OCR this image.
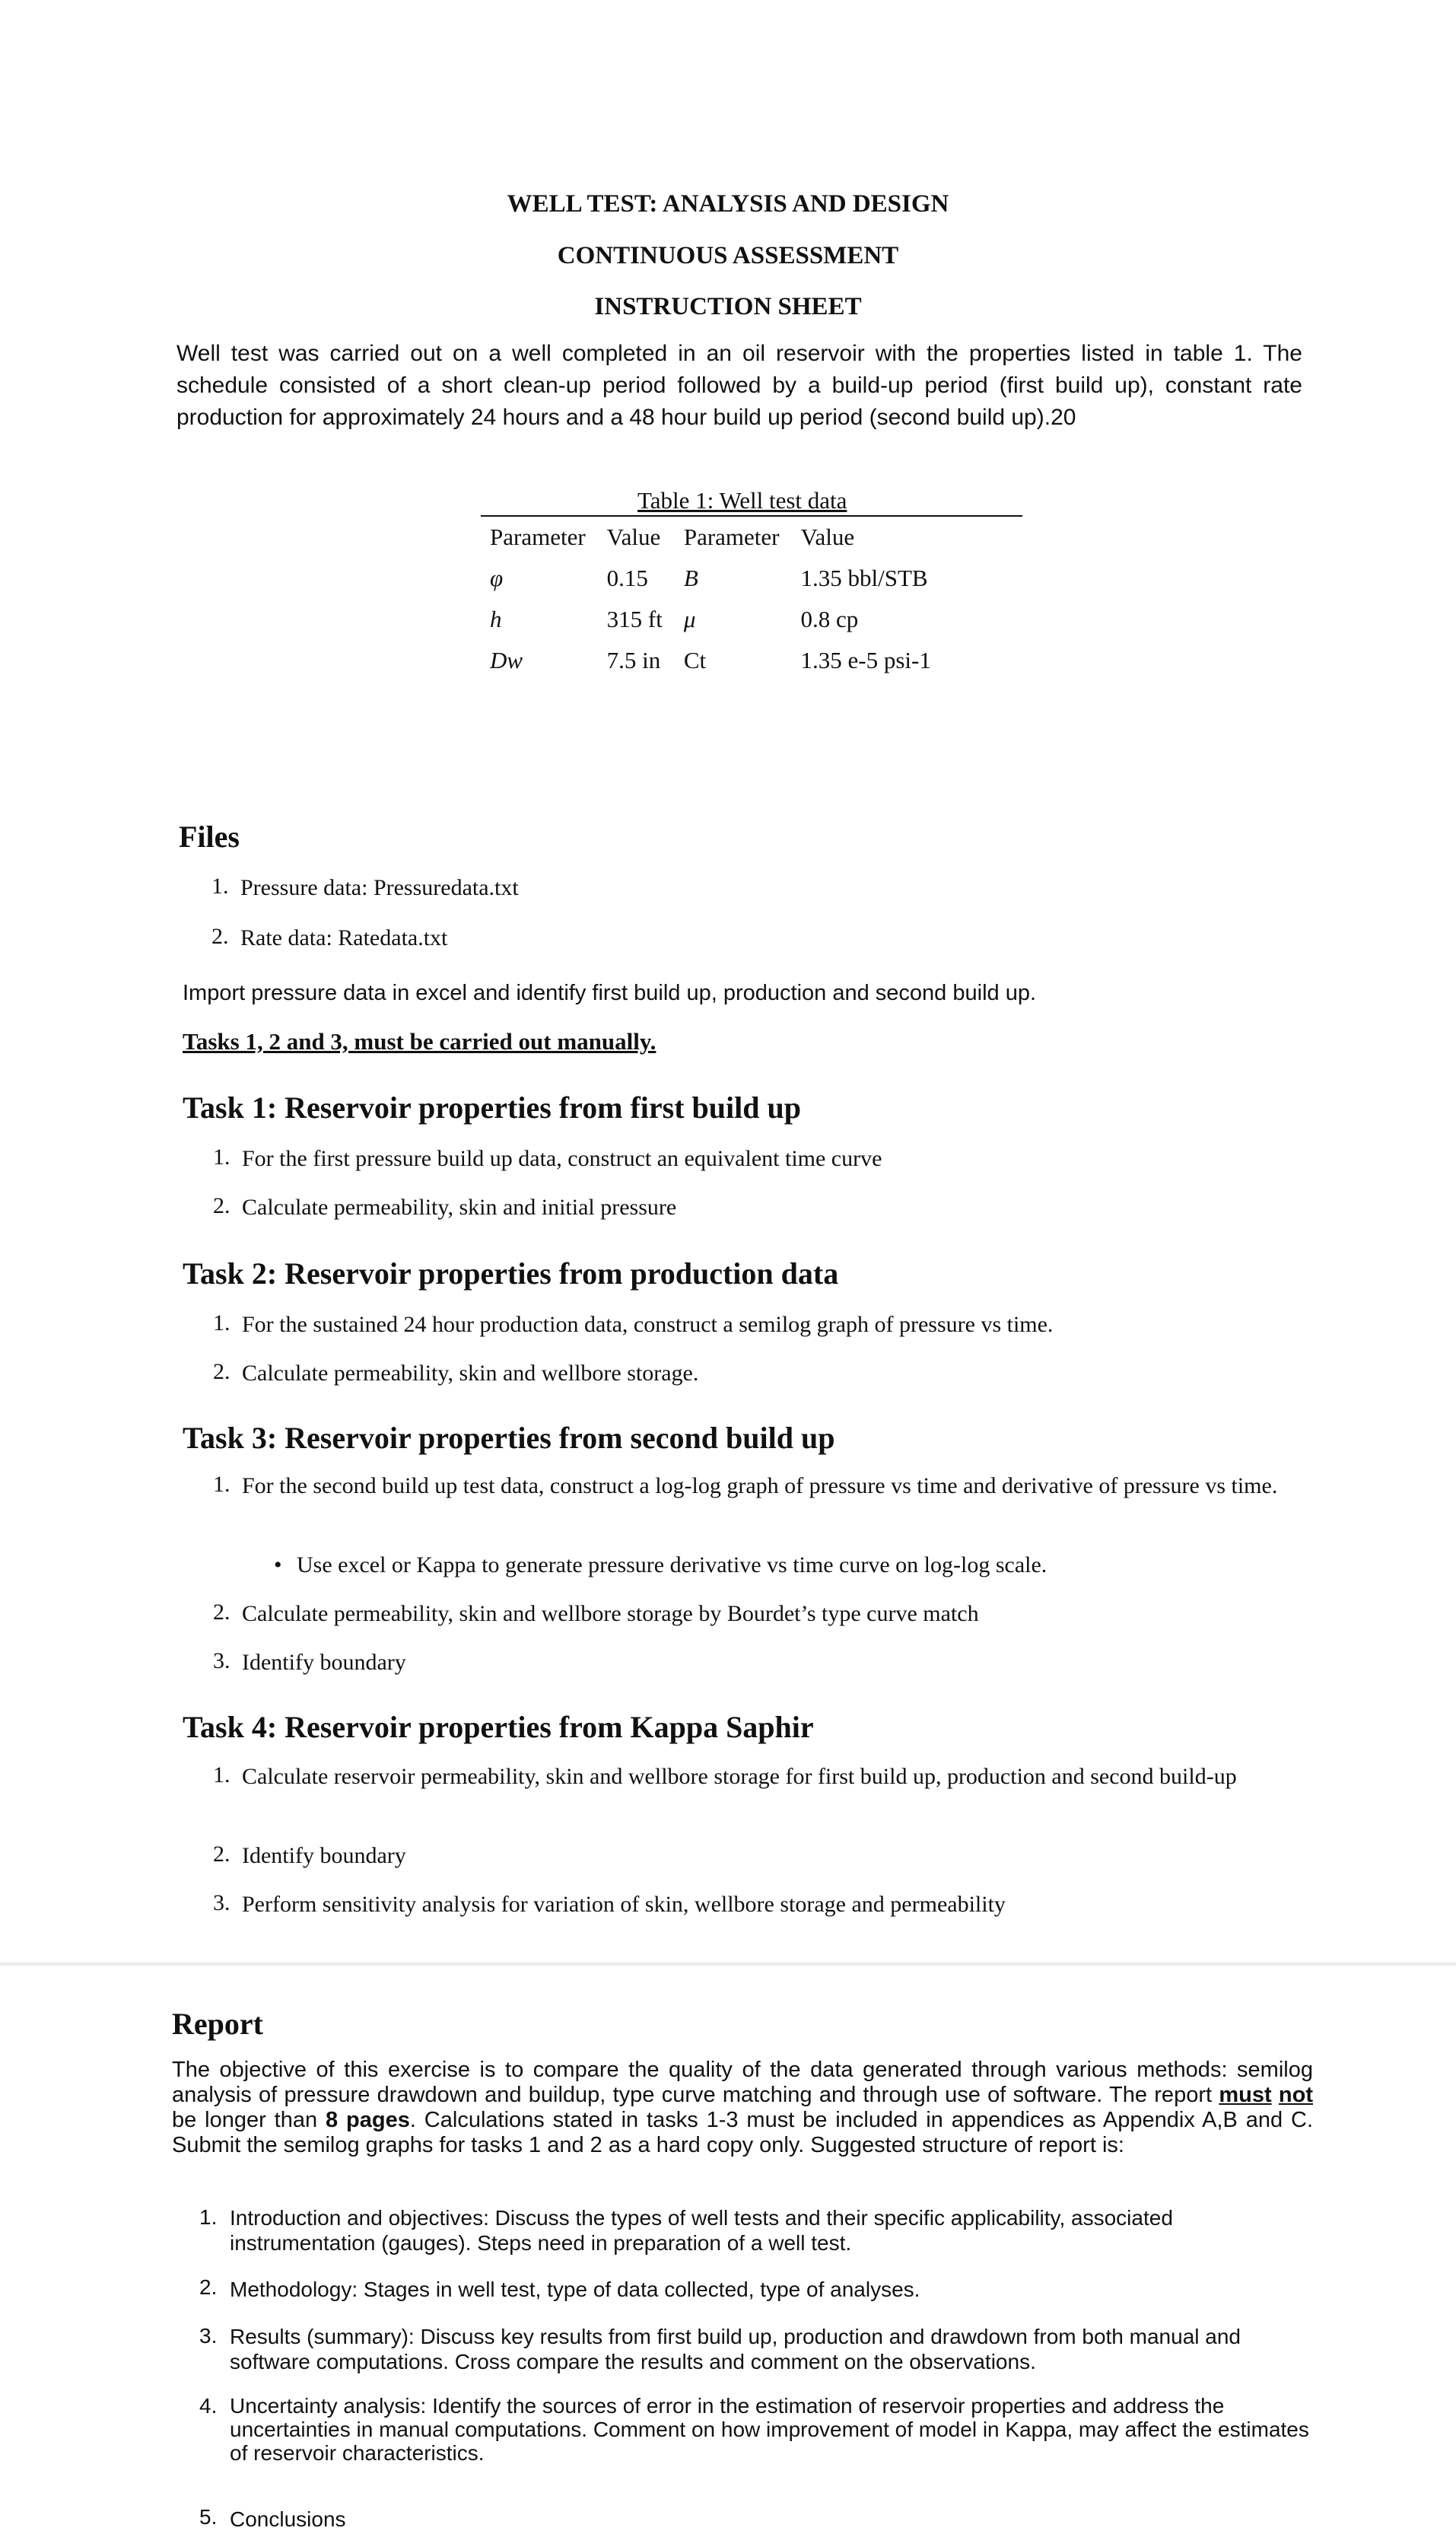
WELL TEST: ANALYSIS AND DESIGN
CONTINUOUS ASSESSMENT
INSTRUCTION SHEET
Well test was carried out on a well completed in an oil reservoir with the properties listed in table 1. The schedule consisted of a short clean-up period followed by a build-up period (first build up), constant rate production for approximately 24 hours and a 48 hour build up period (second build up).20
Table 1: Well test data
Parameter	Value	Parameter	Value
φ	0.15	B	1.35 bbl/STB
h	315 ft	μ	0.8 cp
Dw	7.5 in	Ct	1.35 e-5 psi-1
Files
1. Pressure data: Pressuredata.txt
2. Rate data: Ratedata.txt
Import pressure data in excel and identify first build up, production and second build up.
Tasks 1, 2 and 3, must be carried out manually.
Task 1: Reservoir properties from first build up
1. For the first pressure build up data, construct an equivalent time curve
2. Calculate permeability, skin and initial pressure
Task 2: Reservoir properties from production data
1. For the sustained 24 hour production data, construct a semilog graph of pressure vs time.
2. Calculate permeability, skin and wellbore storage.
Task 3: Reservoir properties from second build up
1. For the second build up test data, construct a log-log graph of pressure vs time and derivative of pressure vs time.
• Use excel or Kappa to generate pressure derivative vs time curve on log-log scale.
2. Calculate permeability, skin and wellbore storage by Bourdet’s type curve match
3. Identify boundary
Task 4: Reservoir properties from Kappa Saphir
1. Calculate reservoir permeability, skin and wellbore storage for first build up, production and second build-up
2. Identify boundary
3. Perform sensitivity analysis for variation of skin, wellbore storage and permeability
Report
The objective of this exercise is to compare the quality of the data generated through various methods: semilog analysis of pressure drawdown and buildup, type curve matching and through use of software. The report must not be longer than 8 pages. Calculations stated in tasks 1-3 must be included in appendices as Appendix A,B and C. Submit the semilog graphs for tasks 1 and 2 as a hard copy only. Suggested structure of report is:
1. Introduction and objectives: Discuss the types of well tests and their specific applicability, associated instrumentation (gauges). Steps need in preparation of a well test.
2. Methodology: Stages in well test, type of data collected, type of analyses.
3. Results (summary): Discuss key results from first build up, production and drawdown from both manual and software computations. Cross compare the results and comment on the observations.
4. Uncertainty analysis: Identify the sources of error in the estimation of reservoir properties and address the uncertainties in manual computations. Comment on how improvement of model in Kappa, may affect the estimates of reservoir characteristics.
5. Conclusions
